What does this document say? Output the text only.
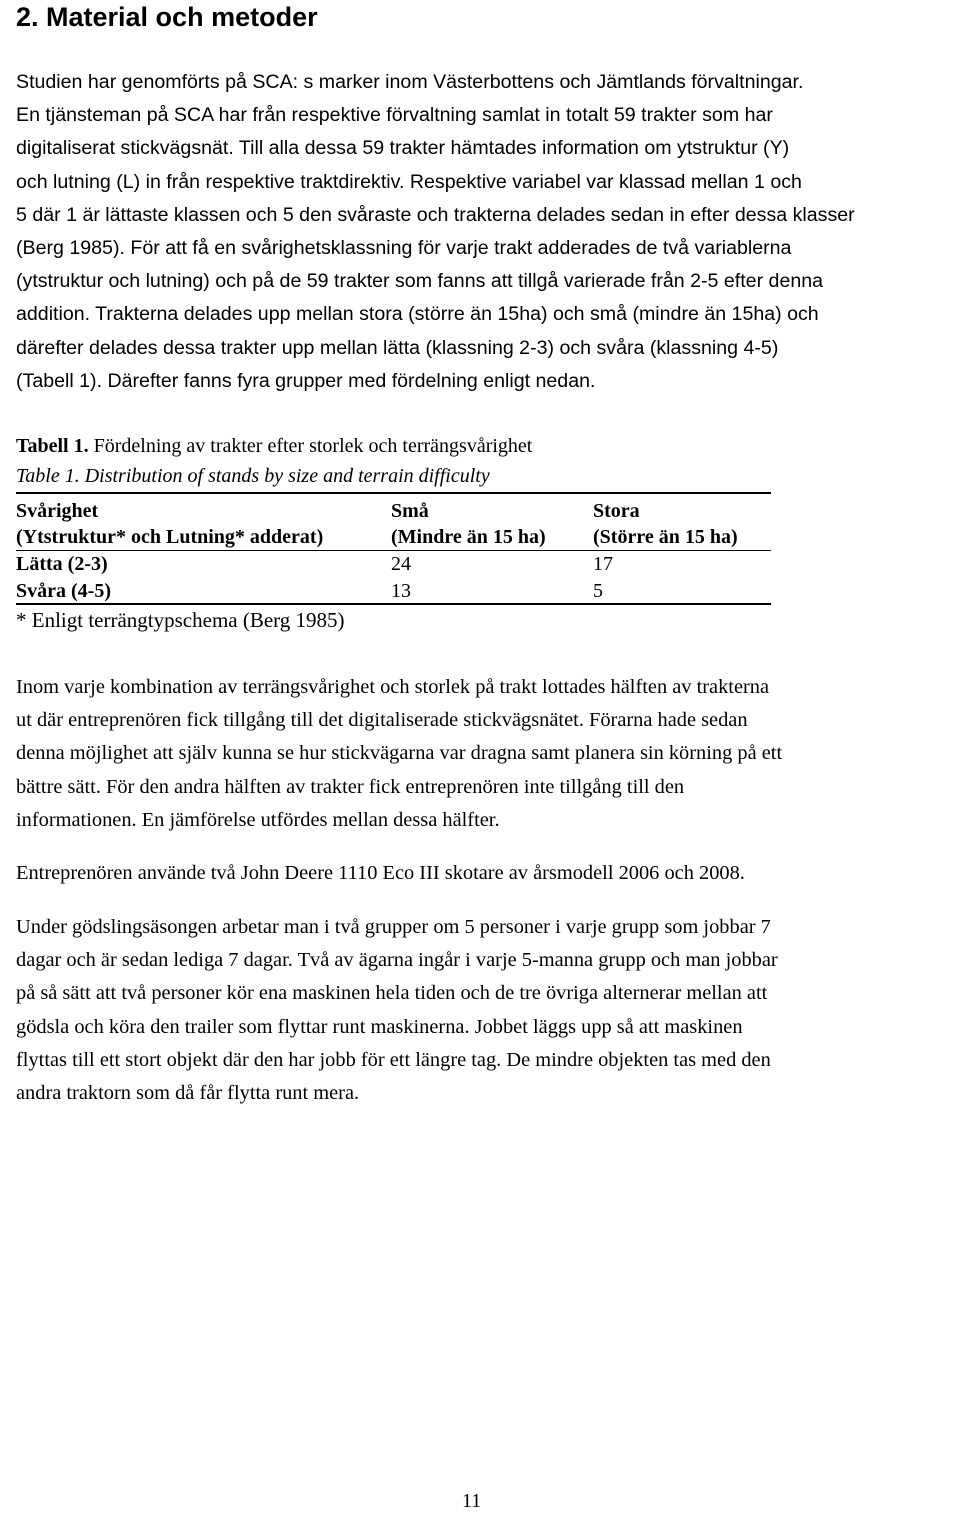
2. Material och metoder
Studien har genomförts på SCA: s marker inom Västerbottens och Jämtlands förvaltningar.
En tjänsteman på SCA har från respektive förvaltning samlat in totalt 59 trakter som har
digitaliserat stickvägsnät. Till alla dessa 59 trakter hämtades information om ytstruktur (Y)
och lutning (L) in från respektive traktdirektiv. Respektive variabel var klassad mellan 1 och
5 där 1 är lättaste klassen och 5 den svåraste och trakterna delades sedan in efter dessa klasser
(Berg 1985). För att få en svårighetsklassning för varje trakt adderades de två variablerna
(ytstruktur och lutning) och på de 59 trakter som fanns att tillgå varierade från 2-5 efter denna
addition. Trakterna delades upp mellan stora (större än 15ha) och små (mindre än 15ha) och
därefter delades dessa trakter upp mellan lätta (klassning 2-3) och svåra (klassning 4-5)
(Tabell 1). Därefter fanns fyra grupper med fördelning enligt nedan.
Tabell 1. Fördelning av trakter efter storlek och terrängsvårighet
Table 1. Distribution of stands by size and terrain difficulty
Svårighet	Små	Stora
(Ytstruktur* och Lutning* adderat)	(Mindre än 15 ha) (Större än 15 ha)
Lätta (2-3)	24	17
Svåra (4-5)	13	5
* Enligt terrängtypschema (Berg 1985)
Inom varje kombination av terrängsvårighet och storlek på trakt lottades hälften av trakterna
ut där entreprenören fick tillgång till det digitaliserade stickvägsnätet. Förarna hade sedan
denna möjlighet att själv kunna se hur stickvägarna var dragna samt planera sin körning på ett
bättre sätt. För den andra hälften av trakter fick entreprenören inte tillgång till den
informationen. En jämförelse utfördes mellan dessa hälfter.
Entreprenören använde två John Deere 1110 Eco III skotare av årsmodell 2006 och 2008.
Under gödslingsäsongen arbetar man i två grupper om 5 personer i varje grupp som jobbar 7
dagar och är sedan lediga 7 dagar. Två av ägarna ingår i varje 5-manna grupp och man jobbar
på så sätt att två personer kör ena maskinen hela tiden och de tre övriga alternerar mellan att
gödsla och köra den trailer som flyttar runt maskinerna. Jobbet läggs upp så att maskinen
flyttas till ett stort objekt där den har jobb för ett längre tag. De mindre objekten tas med den
andra traktorn som då får flytta runt mera.
11
